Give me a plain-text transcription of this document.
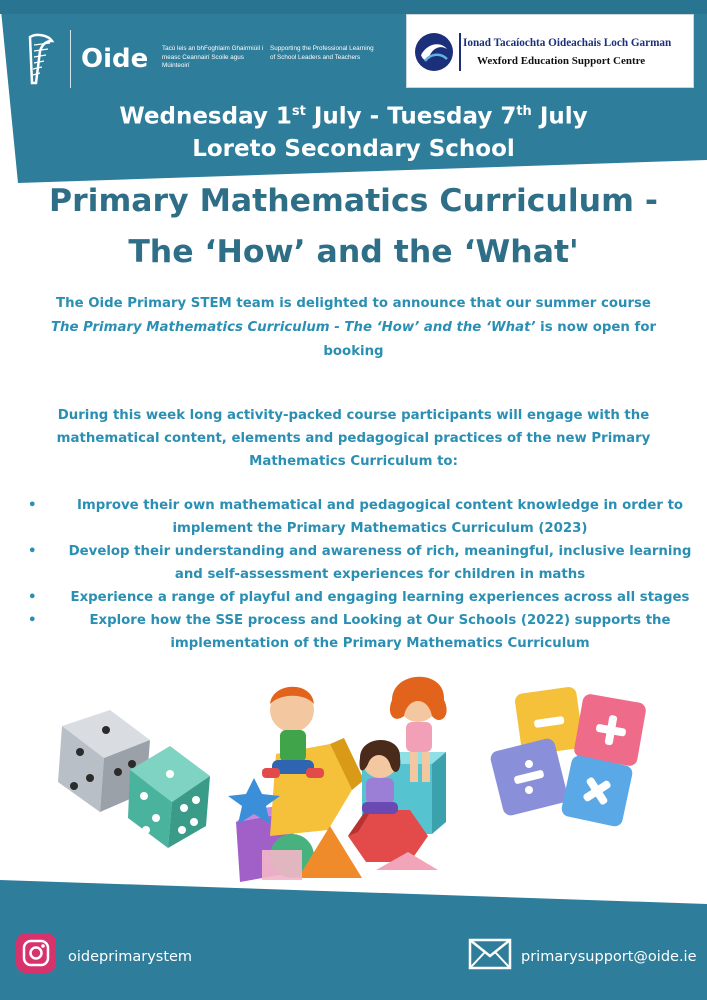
Oide Tacú leis an bhFoghlaim Ghairmiúil i measc Ceannairí Scoile agus Múinteoirí
Supporting the Professional Learning of School Leaders and Teachers
Ionad Tacaíochta Oideachais Loch Garman
Wexford Education Support Centre
Wednesday 1st July - Tuesday 7th July
Loreto Secondary School
Primary Mathematics Curriculum -
The ‘How’ and the ‘What'

The Oide Primary STEM team is delighted to announce that our summer course
The Primary Mathematics Curriculum - The ‘How’ and the ‘What’ is now open for booking

During this week long activity-packed course participants will engage with the mathematical content, elements and pedagogical practices of the new Primary Mathematics Curriculum to:

•	Improve their own mathematical and pedagogical content knowledge in order to implement the Primary Mathematics Curriculum (2023)
•	Develop their understanding and awareness of rich, meaningful, inclusive learning and self-assessment experiences for children in maths
•	Experience a range of playful and engaging learning experiences across all stages
•	Explore how the SSE process and Looking at Our Schools (2022) supports the implementation of the Primary Mathematics Curriculum
oideprimarystem	primarysupport@oide.ie
